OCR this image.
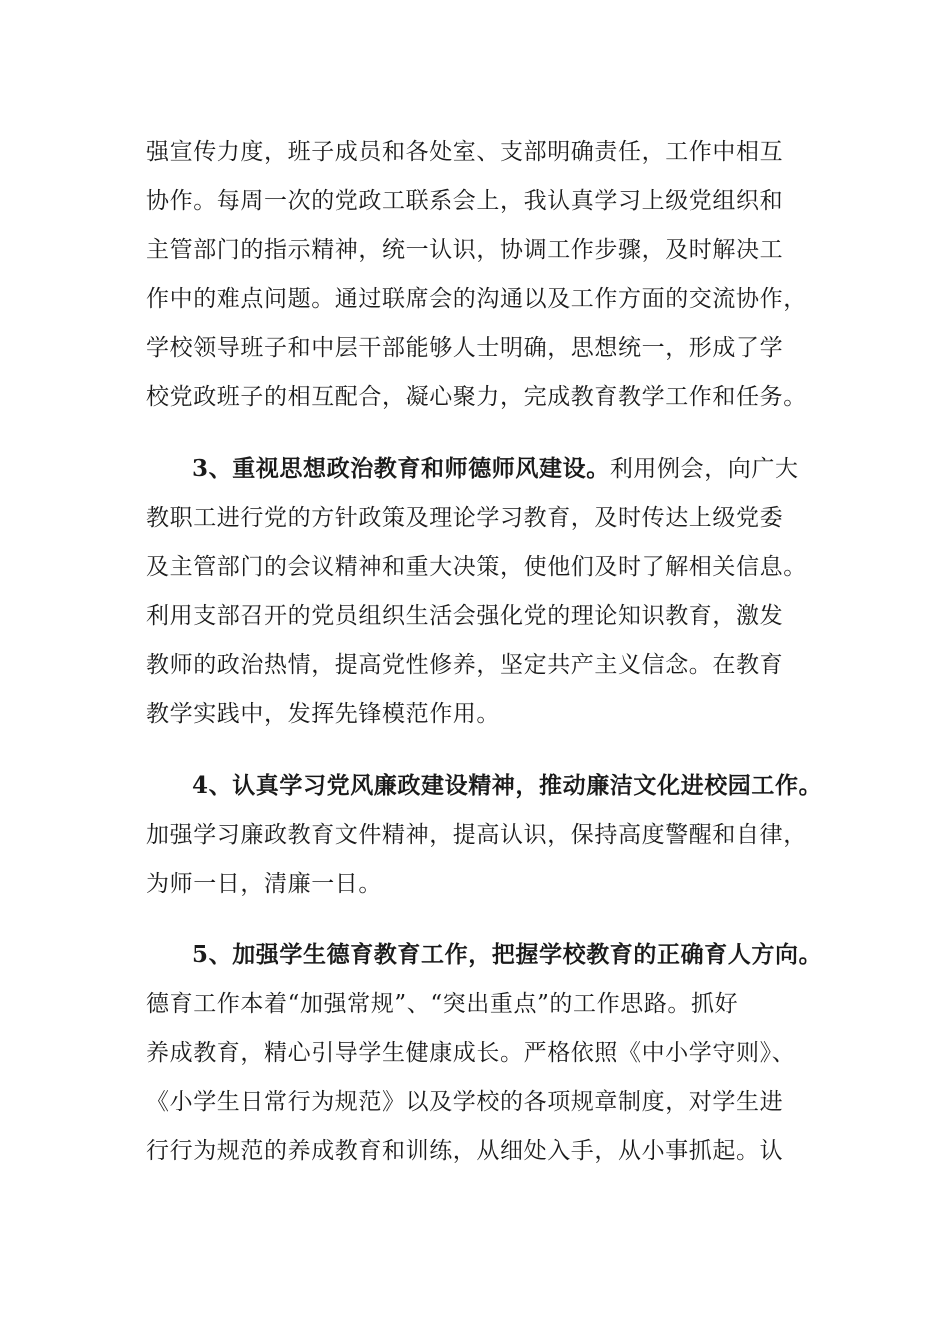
强宣传力度，班子成员和各处室、支部明确责任，工作中相互
协作。每周一次的党政工联系会上，我认真学习上级党组织和
主管部门的指示精神，统一认识，协调工作步骤，及时解决工
作中的难点问题。通过联席会的沟通以及工作方面的交流协作，
学校领导班子和中层干部能够人士明确，思想统一，形成了学
校党政班子的相互配合，凝心聚力，完成教育教学工作和任务。
3、重视思想政治教育和师德师风建设。利用例会，向广大
教职工进行党的方针政策及理论学习教育，及时传达上级党委
及主管部门的会议精神和重大决策，使他们及时了解相关信息。
利用支部召开的党员组织生活会强化党的理论知识教育，激发
教师的政治热情，提高党性修养，坚定共产主义信念。在教育
教学实践中，发挥先锋模范作用。
4、认真学习党风廉政建设精神，推动廉洁文化进校园工作。
加强学习廉政教育文件精神，提高认识，保持高度警醒和自律，
为师一日，清廉一日。
5、加强学生德育教育工作，把握学校教育的正确育人方向。
德育工作本着“加强常规”、“突出重点”的工作思路。抓好
养成教育，精心引导学生健康成长。严格依照《中小学守则》、
《小学生日常行为规范》以及学校的各项规章制度，对学生进
行行为规范的养成教育和训练，从细处入手，从小事抓起。认
